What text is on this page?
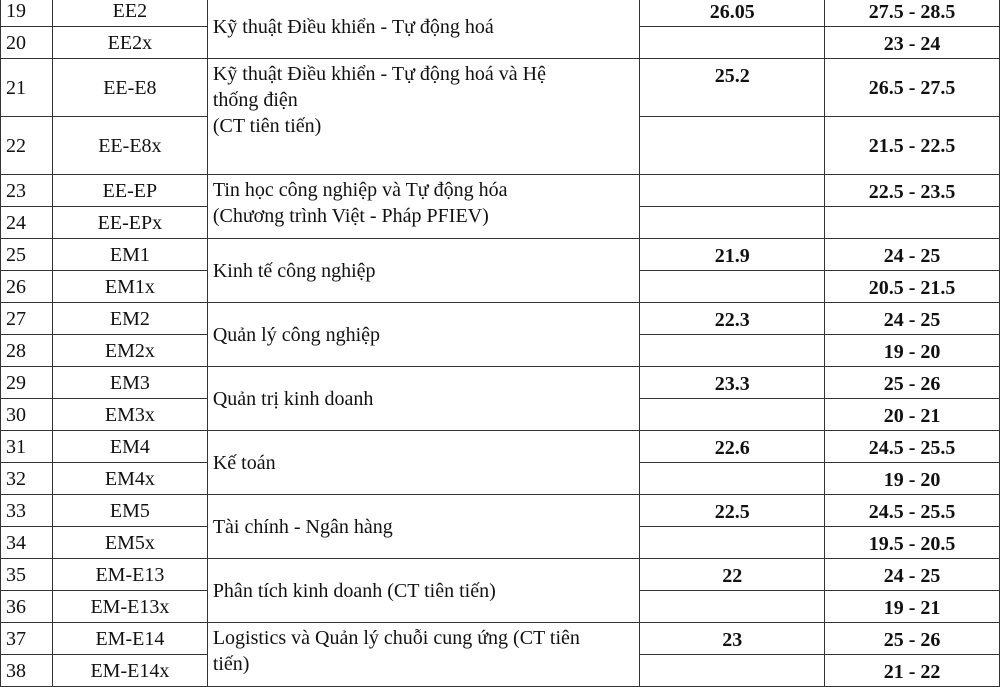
19	EE2	Kỹ thuật Điều khiển - Tự động hoá	26.05	27.5 - 28.5
20	EE2x			23 - 24
21	EE-E8	Kỹ thuật Điều khiển - Tự động hoá và Hệ
thống điện
(CT tiên tiến)	25.2	26.5 - 27.5
22	EE-E8x			21.5 - 22.5
23	EE-EP	Tin học công nghiệp và Tự động hóa
(Chương trình Việt - Pháp PFIEV)		22.5 - 23.5
24	EE-EPx			
25	EM1	Kinh tế công nghiệp	21.9	24 - 25
26	EM1x			20.5 - 21.5
27	EM2	Quản lý công nghiệp	22.3	24 - 25
28	EM2x			19 - 20
29	EM3	Quản trị kinh doanh	23.3	25 - 26
30	EM3x			20 - 21
31	EM4	Kế toán	22.6	24.5 - 25.5
32	EM4x			19 - 20
33	EM5	Tài chính - Ngân hàng	22.5	24.5 - 25.5
34	EM5x			19.5 - 20.5
35	EM-E13	Phân tích kinh doanh (CT tiên tiến)	22	24 - 25
36	EM-E13x			19 - 21
37	EM-E14	Logistics và Quản lý chuỗi cung ứng (CT tiên
tiến)	23	25 - 26
38	EM-E14x			21 - 22
